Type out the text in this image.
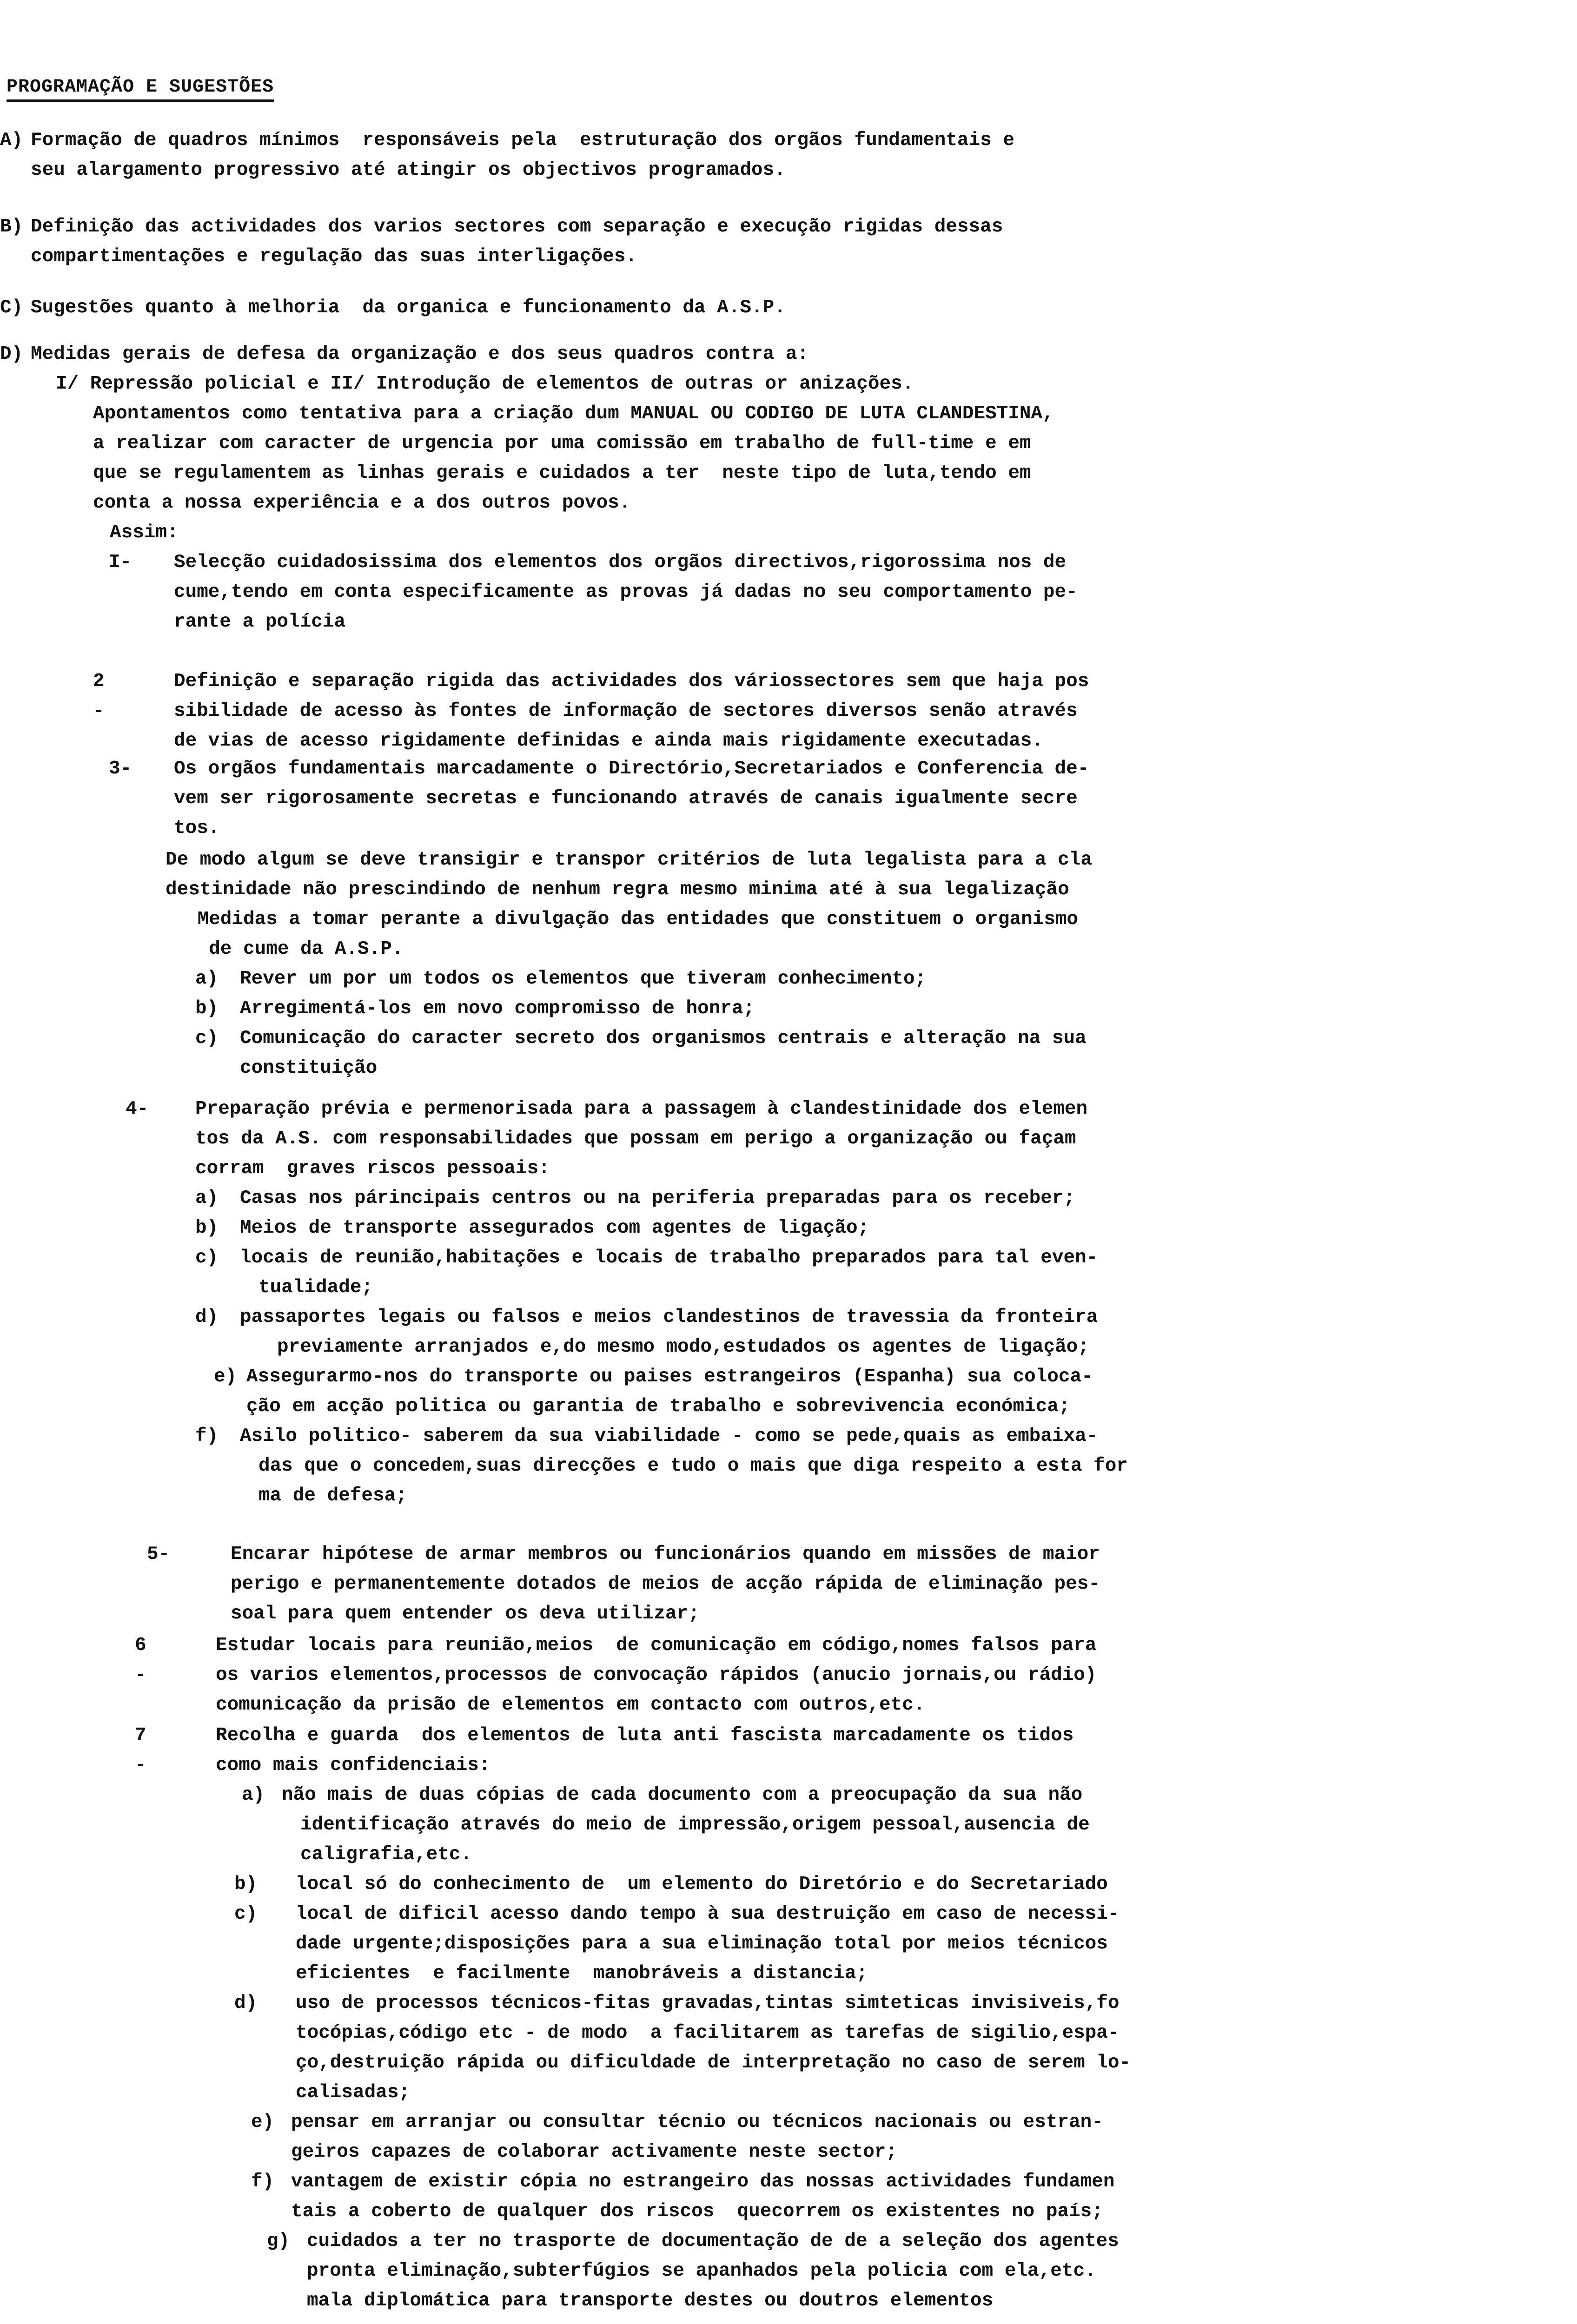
PROGRAMAÇÃO E SUGESTÕES
A) Formação de quadros mínimos  responsáveis pela  estruturação dos orgãos fundamentais e
seu alargamento progressivo até atingir os objectivos programados.
B) Definição das actividades dos varios sectores com separação e execução rigidas dessas
compartimentações e regulação das suas interligações.
C) Sugestões quanto à melhoria  da organica e funcionamento da A.S.P.
D) Medidas gerais de defesa da organização e dos seus quadros contra a:
I/ Repressão policial e II/ Introdução de elementos de outras or anizações.
Apontamentos como tentativa para a criação dum MANUAL OU CODIGO DE LUTA CLANDESTINA,
a realizar com caracter de urgencia por uma comissão em trabalho de full-time e em
que se regulamentem as linhas gerais e cuidados a ter  neste tipo de luta,tendo em
conta a nossa experiência e a dos outros povos.
Assim:
I- Selecção cuidadosissima dos elementos dos orgãos directivos,rigorossima nos de
cume,tendo em conta especificamente as provas já dadas no seu comportamento pe-
rante a polícia
2 -
Definição e separação rigida das actividades dos váriossectores sem que haja pos
sibilidade de acesso às fontes de informação de sectores diversos senão através
de vias de acesso rigidamente definidas e ainda mais rigidamente executadas.
3- Os orgãos fundamentais marcadamente o Directório,Secretariados e Conferencia de-
vem ser rigorosamente secretas e funcionando através de canais igualmente secre
tos.
De modo algum se deve transigir e transpor critérios de luta legalista para a cla
destinidade não prescindindo de nenhum regra mesmo minima até à sua legalização
Medidas a tomar perante a divulgação das entidades que constituem o organismo
de cume da A.S.P.
a) Rever um por um todos os elementos que tiveram conhecimento;
b) Arregimentá-los em novo compromisso de honra;
c) Comunicação do caracter secreto dos organismos centrais e alteração na sua
constituição
4- Preparação prévia e permenorisada para a passagem à clandestinidade dos elemen
tos da A.S. com responsabilidades que possam em perigo a organização ou façam
corram  graves riscos pessoais:
a) Casas nos párincipais centros ou na periferia preparadas para os receber;
b) Meios de transporte assegurados com agentes de ligação;
c) locais de reunião,habitações e locais de trabalho preparados para tal even-
tualidade;
d) passaportes legais ou falsos e meios clandestinos de travessia da fronteira
previamente arranjados e,do mesmo modo,estudados os agentes de ligação;
e) Assegurarmo-nos do transporte ou paises estrangeiros (Espanha) sua coloca-
ção em acção politica ou garantia de trabalho e sobrevivencia económica;
f) Asilo politico- saberem da sua viabilidade - como se pede,quais as embaixa-
das que o concedem,suas direcções e tudo o mais que diga respeito a esta for
ma de defesa;
5-	Encarar hipótese de armar membros ou funcionários quando em missões de maior
perigo e permanentemente dotados de meios de acção rápida de eliminação pes-
soal para quem entender os deva utilizar;
6 -
Estudar locais para reunião,meios  de comunicação em código,nomes falsos para
os varios elementos,processos de convocação rápidos (anucio jornais,ou rádio)
comunicação da prisão de elementos em contacto com outros,etc.
7 -
Recolha e guarda  dos elementos de luta anti fascista marcadamente os tidos
como mais confidenciais:
a) não mais de duas cópias de cada documento com a preocupação da sua não
identificação através do meio de impressão,origem pessoal,ausencia de
caligrafia,etc.
b) local só do conhecimento de  um elemento do Diretório e do Secretariado
c) local de dificil acesso dando tempo à sua destruição em caso de necessi-
dade urgente;disposições para a sua eliminação total por meios técnicos
eficientes  e facilmente  manobráveis a distancia;
d) uso de processos técnicos-fitas gravadas,tintas simteticas invisiveis,fo
tocópias,código etc - de modo  a facilitarem as tarefas de sigilio,espa-
ço,destruição rápida ou dificuldade de interpretação no caso de serem lo-
calisadas;
e) pensar em arranjar ou consultar técnio ou técnicos nacionais ou estran-
geiros capazes de colaborar activamente neste sector;
f) vantagem de existir cópia no estrangeiro das nossas actividades fundamen
tais a coberto de qualquer dos riscos  quecorrem os existentes no país;
g) cuidados a ter no trasporte de documentação de de a seleção dos agentes
pronta eliminação,subterfúgios se apanhados pela policia com ela,etc.
mala diplomática para transporte destes ou doutros elementos
